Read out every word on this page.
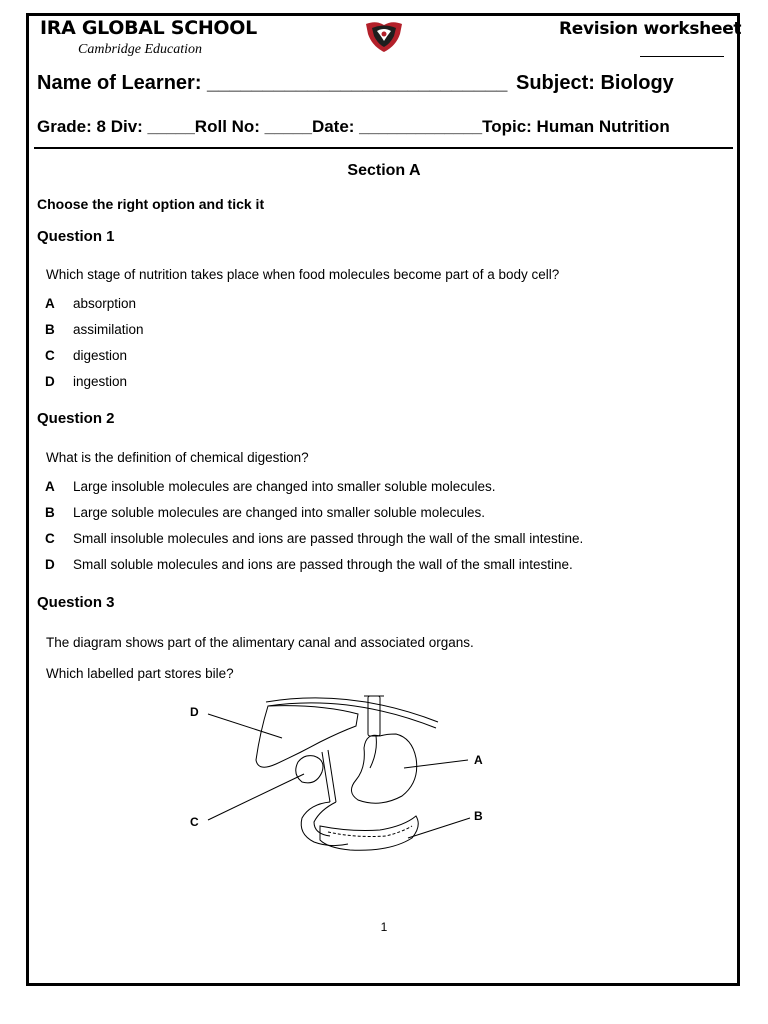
IRA GLOBAL SCHOOL
Cambridge Education
Revision worksheet
Name of Learner: ___________________________ Subject: Biology
Grade: 8 Div: _____Roll No: _____Date: _____________Topic: Human Nutrition
Section A
Choose the right option and tick it
Question 1
Which stage of nutrition takes place when food molecules become part of a body cell?
A absorption
B assimilation
C digestion
D ingestion
Question 2
What is the definition of chemical digestion?
A Large insoluble molecules are changed into smaller soluble molecules.
B Large soluble molecules are changed into smaller soluble molecules.
C Small insoluble molecules and ions are passed through the wall of the small intestine.
D Small soluble molecules and ions are passed through the wall of the small intestine.
Question 3
The diagram shows part of the alimentary canal and associated organs.
Which labelled part stores bile?
D
C
A
B
1
